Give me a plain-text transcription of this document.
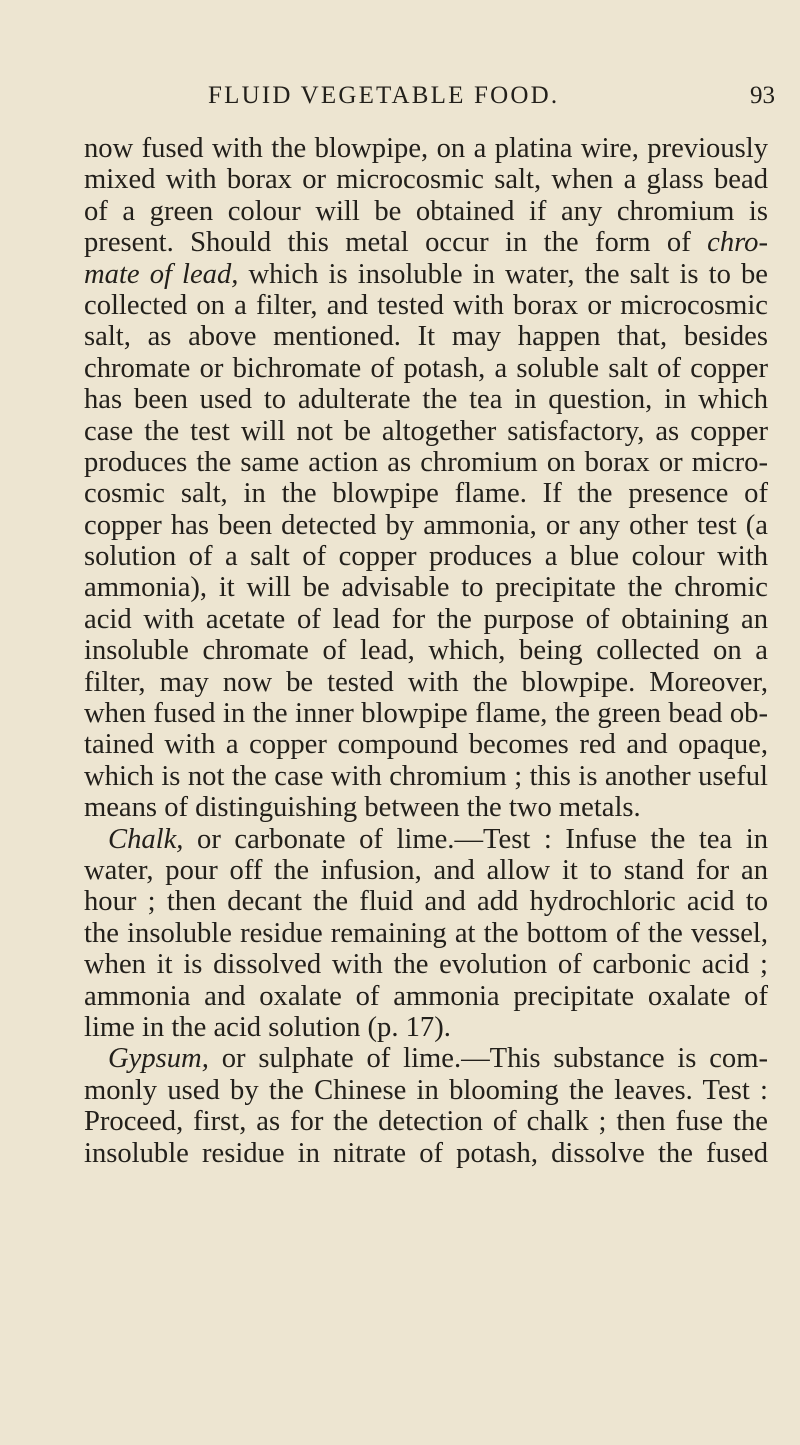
FLUID VEGETABLE FOOD.	93
now fused with the blowpipe, on a platina wire, previously
mixed with borax or microcosmic salt, when a glass bead
of a green colour will be obtained if any chromium is
present. Should this metal occur in the form of chro-
mate of lead, which is insoluble in water, the salt is to be
collected on a filter, and tested with borax or microcosmic
salt, as above mentioned. It may happen that, besides
chromate or bichromate of potash, a soluble salt of copper
has been used to adulterate the tea in question, in which
case the test will not be altogether satisfactory, as copper
produces the same action as chromium on borax or micro-
cosmic salt, in the blowpipe flame. If the presence of
copper has been detected by ammonia, or any other test (a
solution of a salt of copper produces a blue colour with
ammonia), it will be advisable to precipitate the chromic
acid with acetate of lead for the purpose of obtaining an
insoluble chromate of lead, which, being collected on a
filter, may now be tested with the blowpipe. Moreover,
when fused in the inner blowpipe flame, the green bead ob-
tained with a copper compound becomes red and opaque,
which is not the case with chromium ; this is another useful
means of distinguishing between the two metals.
Chalk, or carbonate of lime.—Test : Infuse the tea in
water, pour off the infusion, and allow it to stand for an
hour ; then decant the fluid and add hydrochloric acid to
the insoluble residue remaining at the bottom of the vessel,
when it is dissolved with the evolution of carbonic acid ;
ammonia and oxalate of ammonia precipitate oxalate of
lime in the acid solution (p. 17).
Gypsum, or sulphate of lime.—This substance is com-
monly used by the Chinese in blooming the leaves. Test :
Proceed, first, as for the detection of chalk ; then fuse the
insoluble residue in nitrate of potash, dissolve the fused
